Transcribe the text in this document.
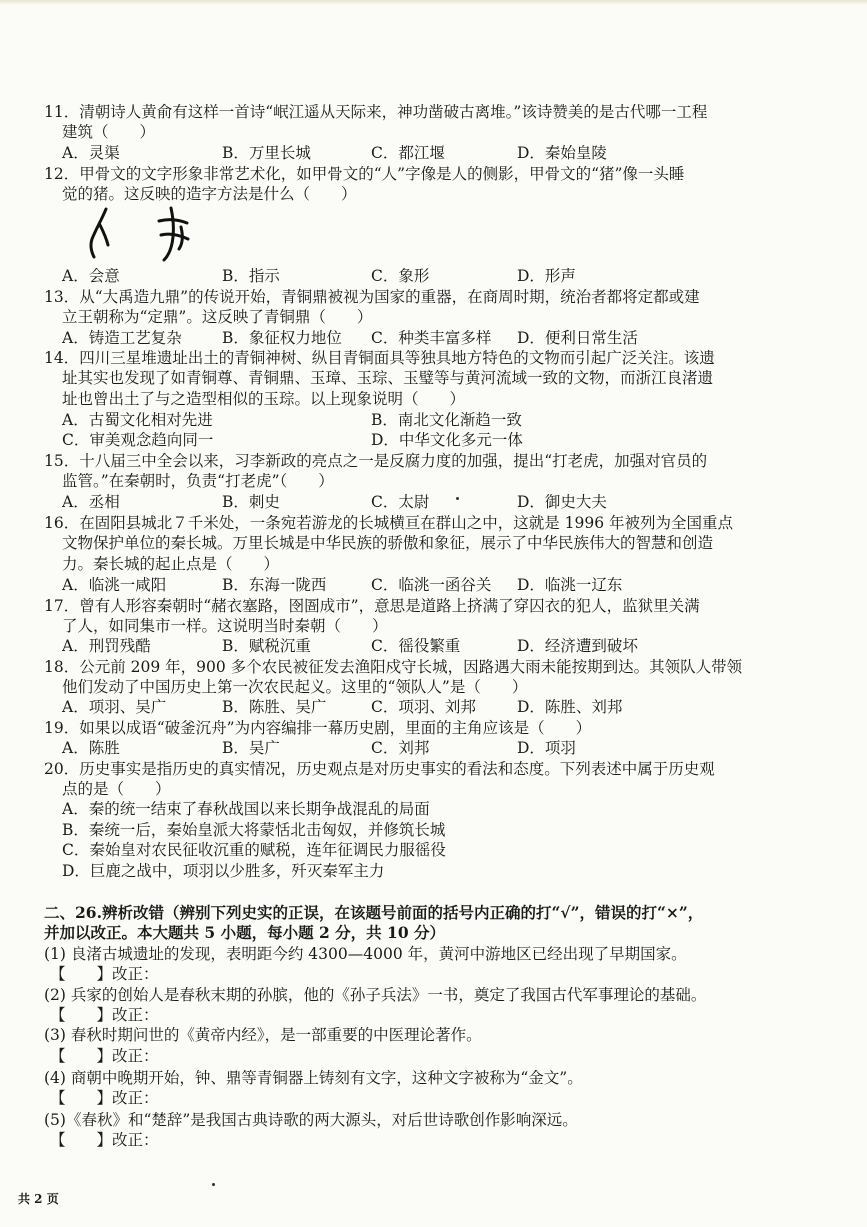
11．清朝诗人黄俞有这样一首诗“岷江遥从天际来，神功凿破古离堆。”该诗赞美的是古代哪一工程
建筑（　　）
A．灵渠	B．万里长城	C．都江堰	D．秦始皇陵
12．甲骨文的文字形象非常艺术化，如甲骨文的“人”字像是人的侧影，甲骨文的“猪”像一头睡
觉的猪。这反映的造字方法是什么（　　）
A．会意	B．指示	C．象形	D．形声
13．从“大禹造九鼎”的传说开始，青铜鼎被视为国家的重器，在商周时期，统治者都将定都或建
立王朝称为“定鼎”。这反映了青铜鼎（　　）
A．铸造工艺复杂	B．象征权力地位 C．种类丰富多样 D．便利日常生活
14．四川三星堆遗址出土的青铜神树、纵目青铜面具等独具地方特色的文物而引起广泛关注。该遗
址其实也发现了如青铜尊、青铜鼎、玉璋、玉琮、玉璧等与黄河流域一致的文物，而浙江良渚遗
址也曾出土了与之造型相似的玉琮。以上现象说明（　　）
A．古蜀文化相对先进	B．南北文化渐趋一致
C．审美观念趋向同一	D．中华文化多元一体
15．十八届三中全会以来，习李新政的亮点之一是反腐力度的加强，提出“打老虎，加强对官员的
监管。”在秦朝时，负责“打老虎”（　　）
A．丞相	B．刺史	C．太尉	D．御史大夫
16．在固阳县城北７千米处，一条宛若游龙的长城横亘在群山之中，这就是 1996 年被列为全国重点
文物保护单位的秦长城。万里长城是中华民族的骄傲和象征，展示了中华民族伟大的智慧和创造
力。秦长城的起止点是（　　）
A．临洮一咸阳	B．东海一陇西	C．临洮一函谷关 D．临洮一辽东
17．曾有人形容秦朝时“赭衣塞路，囹圄成市”，意思是道路上挤满了穿囚衣的犯人，监狱里关满
了人，如同集市一样。这说明当时秦朝（　　）
A．刑罚残酷	B．赋税沉重	C．徭役繁重	D．经济遭到破坏
18．公元前 209 年，900 多个农民被征发去渔阳戍守长城，因路遇大雨未能按期到达。其领队人带领
他们发动了中国历史上第一次农民起义。这里的“领队人”是（　　）
A．项羽、吴广	B．陈胜、吴广	C．项羽、刘邦	D．陈胜、刘邦
19．如果以成语“破釜沉舟”为内容编排一幕历史剧，里面的主角应该是（　　）
A．陈胜	B．吴广	C．刘邦	D．项羽
20．历史事实是指历史的真实情况，历史观点是对历史事实的看法和态度。下列表述中属于历史观
点的是（　　）
A．秦的统一结束了春秋战国以来长期争战混乱的局面
B．秦统一后，秦始皇派大将蒙恬北击匈奴，并修筑长城
C．秦始皇对农民征收沉重的赋税，连年征调民力服徭役
D．巨鹿之战中，项羽以少胜多，歼灭秦军主力
二、26.辨析改错（辨别下列史实的正误，在该题号前面的括号内正确的打“√”，错误的打“×”，
并加以改正。本大题共 5 小题，每小题 2 分，共 10 分）
(1) 良渚古城遗址的发现，表明距今约 4300—4000 年，黄河中游地区已经出现了早期国家。
【　　】改正：
(2) 兵家的创始人是春秋末期的孙膑，他的《孙子兵法》一书，奠定了我国古代军事理论的基础。
【　　】改正：
(3) 春秋时期问世的《黄帝内经》，是一部重要的中医理论著作。
【　　】改正：
(4) 商朝中晚期开始，钟、鼎等青铜器上铸刻有文字，这种文字被称为“金文”。
【　　】改正：
(5)《春秋》和“楚辞”是我国古典诗歌的两大源头，对后世诗歌创作影响深远。
【　　】改正：
共 2 页
